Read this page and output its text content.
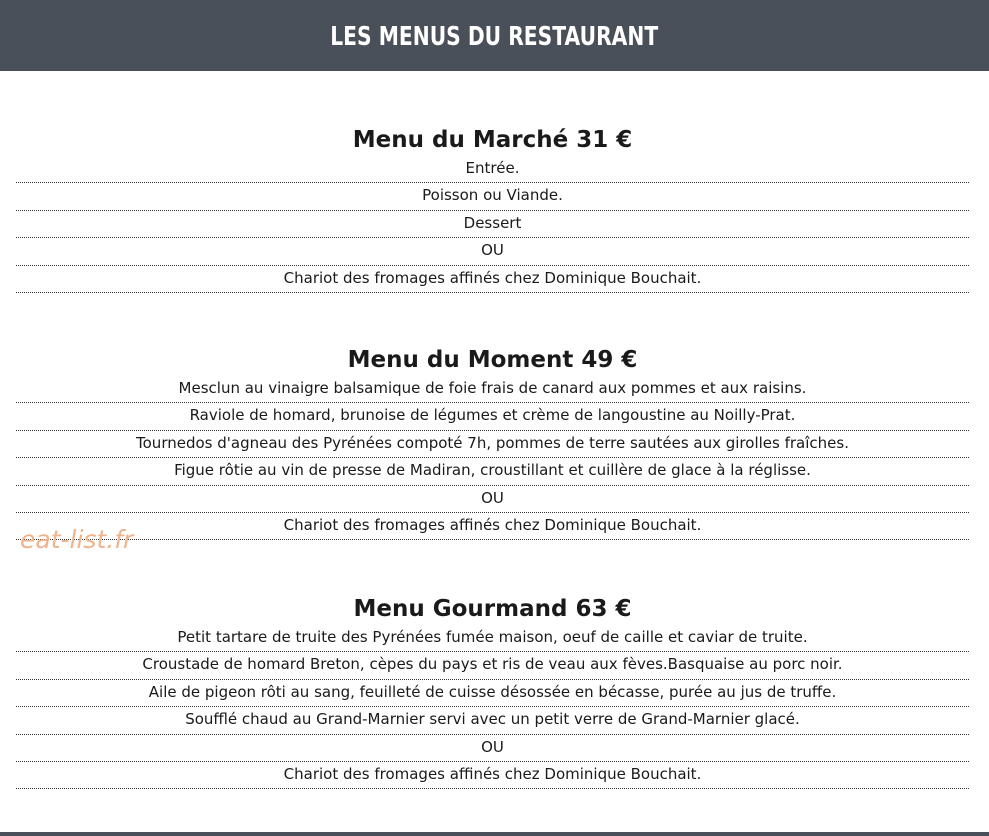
LES MENUS DU RESTAURANT
Menu du Marché 31 €
Entrée.
Poisson ou Viande.
Dessert
OU
Chariot des fromages affinés chez Dominique Bouchait.
Menu du Moment 49 €
Mesclun au vinaigre balsamique de foie frais de canard aux pommes et aux raisins.
Raviole de homard, brunoise de légumes et crème de langoustine au Noilly-Prat.
Tournedos d'agneau des Pyrénées compoté 7h, pommes de terre sautées aux girolles fraîches.
Figue rôtie au vin de presse de Madiran, croustillant et cuillère de glace à la réglisse.
OU
Chariot des fromages affinés chez Dominique Bouchait.
Menu Gourmand 63 €
Petit tartare de truite des Pyrénées fumée maison, oeuf de caille et caviar de truite.
Croustade de homard Breton, cèpes du pays et ris de veau aux fèves.Basquaise au porc noir.
Aile de pigeon rôti au sang, feuilleté de cuisse désossée en bécasse, purée au jus de truffe.
Soufflé chaud au Grand-Marnier servi avec un petit verre de Grand-Marnier glacé.
OU
Chariot des fromages affinés chez Dominique Bouchait.
eat-list.fr
